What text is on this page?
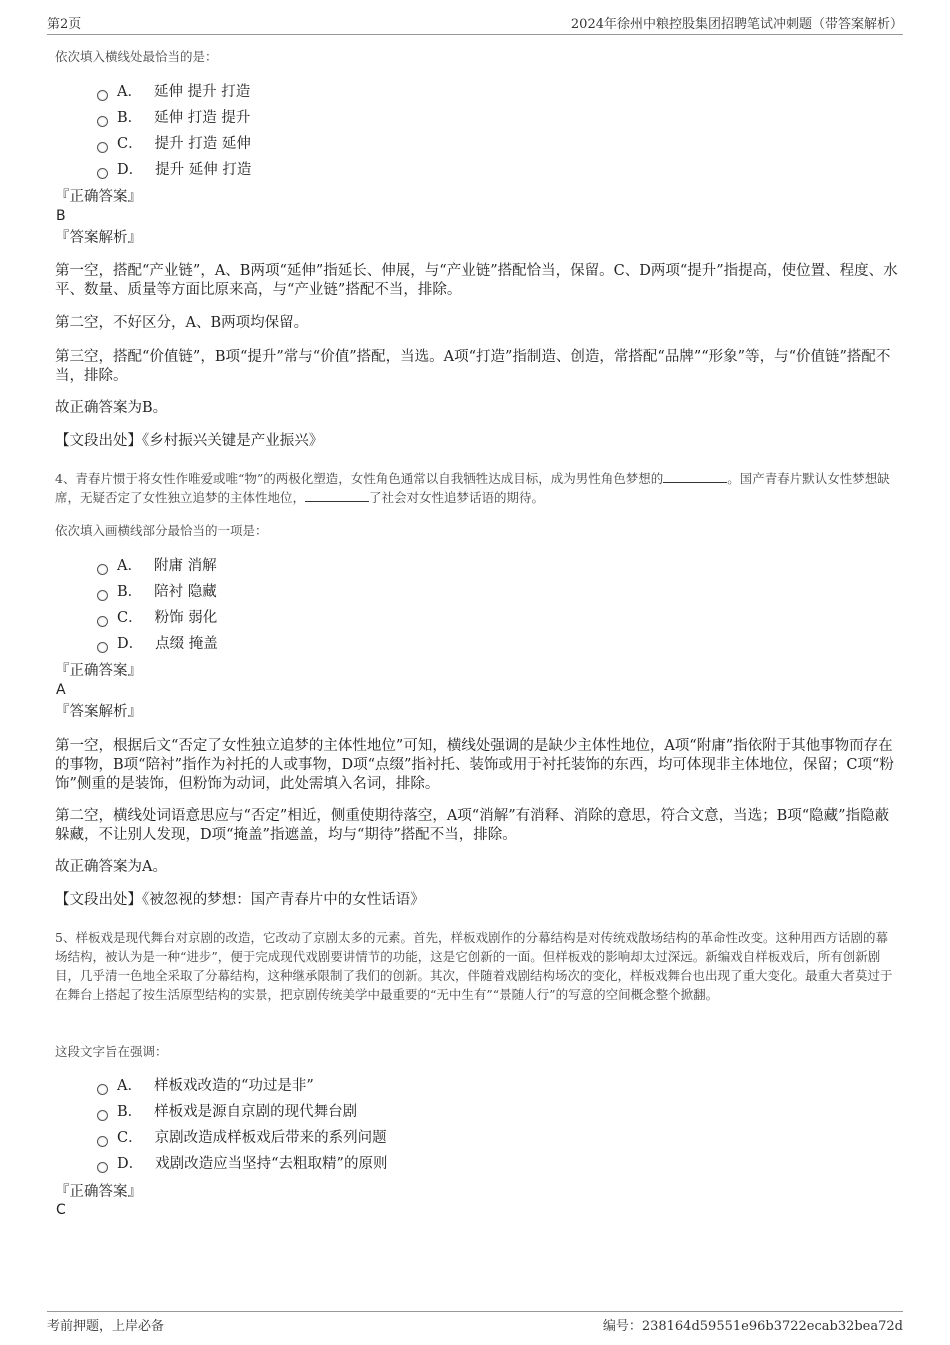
第2页	2024年徐州中粮控股集团招聘笔试冲刺题（带答案解析）
依次填入横线处最恰当的是：
A． 延伸 提升 打造
B． 延伸 打造 提升
C． 提升 打造 延伸
D． 提升 延伸 打造
『正确答案』
B
『答案解析』
第一空，搭配“产业链”，A、B两项“延伸”指延长、伸展，与“产业链”搭配恰当，保留。C、D两项“提升”指提高，使位置、程度、水平、数量、质量等方面比原来高，与“产业链”搭配不当，排除。
第二空，不好区分，A、B两项均保留。
第三空，搭配“价值链”，B项“提升”常与“价值”搭配，当选。A项“打造”指制造、创造，常搭配“品牌”“形象”等，与“价值链”搭配不当，排除。
故正确答案为B。
【文段出处】《乡村振兴关键是产业振兴》
4、青春片惯于将女性作唯爱或唯“物”的两极化塑造，女性角色通常以自我牺牲达成目标，成为男性角色梦想的	。国产青春片默认女性梦想缺席，无疑否定了女性独立追梦的主体性地位，	了社会对女性追梦话语的期待。
依次填入画横线部分最恰当的一项是：
A． 附庸 消解
B． 陪衬 隐藏
C． 粉饰 弱化
D． 点缀 掩盖
『正确答案』
A
『答案解析』
第一空，根据后文“否定了女性独立追梦的主体性地位”可知，横线处强调的是缺少主体性地位，A项“附庸”指依附于其他事物而存在的事物，B项“陪衬”指作为衬托的人或事物，D项“点缀”指衬托、装饰或用于衬托装饰的东西，均可体现非主体地位，保留；C项“粉饰”侧重的是装饰，但粉饰为动词，此处需填入名词，排除。
第二空，横线处词语意思应与“否定”相近，侧重使期待落空，A项“消解”有消释、消除的意思，符合文意，当选；B项“隐藏”指隐蔽躲藏，不让别人发现，D项“掩盖”指遮盖，均与“期待”搭配不当，排除。
故正确答案为A。
【文段出处】《被忽视的梦想：国产青春片中的女性话语》
5、样板戏是现代舞台对京剧的改造，它改动了京剧太多的元素。首先，样板戏剧作的分幕结构是对传统戏散场结构的革命性改变。这种用西方话剧的幕场结构，被认为是一种“进步”，便于完成现代戏剧要讲情节的功能，这是它创新的一面。但样板戏的影响却太过深远。新编戏自样板戏后，所有创新剧目，几乎清一色地全采取了分幕结构，这种继承限制了我们的创新。其次，伴随着戏剧结构场次的变化，样板戏舞台也出现了重大变化。最重大者莫过于在舞台上搭起了按生活原型结构的实景，把京剧传统美学中最重要的“无中生有”“景随人行”的写意的空间概念整个掀翻。
这段文字旨在强调：
A． 样板戏改造的“功过是非”
B． 样板戏是源自京剧的现代舞台剧
C． 京剧改造成样板戏后带来的系列问题
D． 戏剧改造应当坚持“去粗取精”的原则
『正确答案』
C
考前押题，上岸必备	编号：238164d59551e96b3722ecab32bea72d
